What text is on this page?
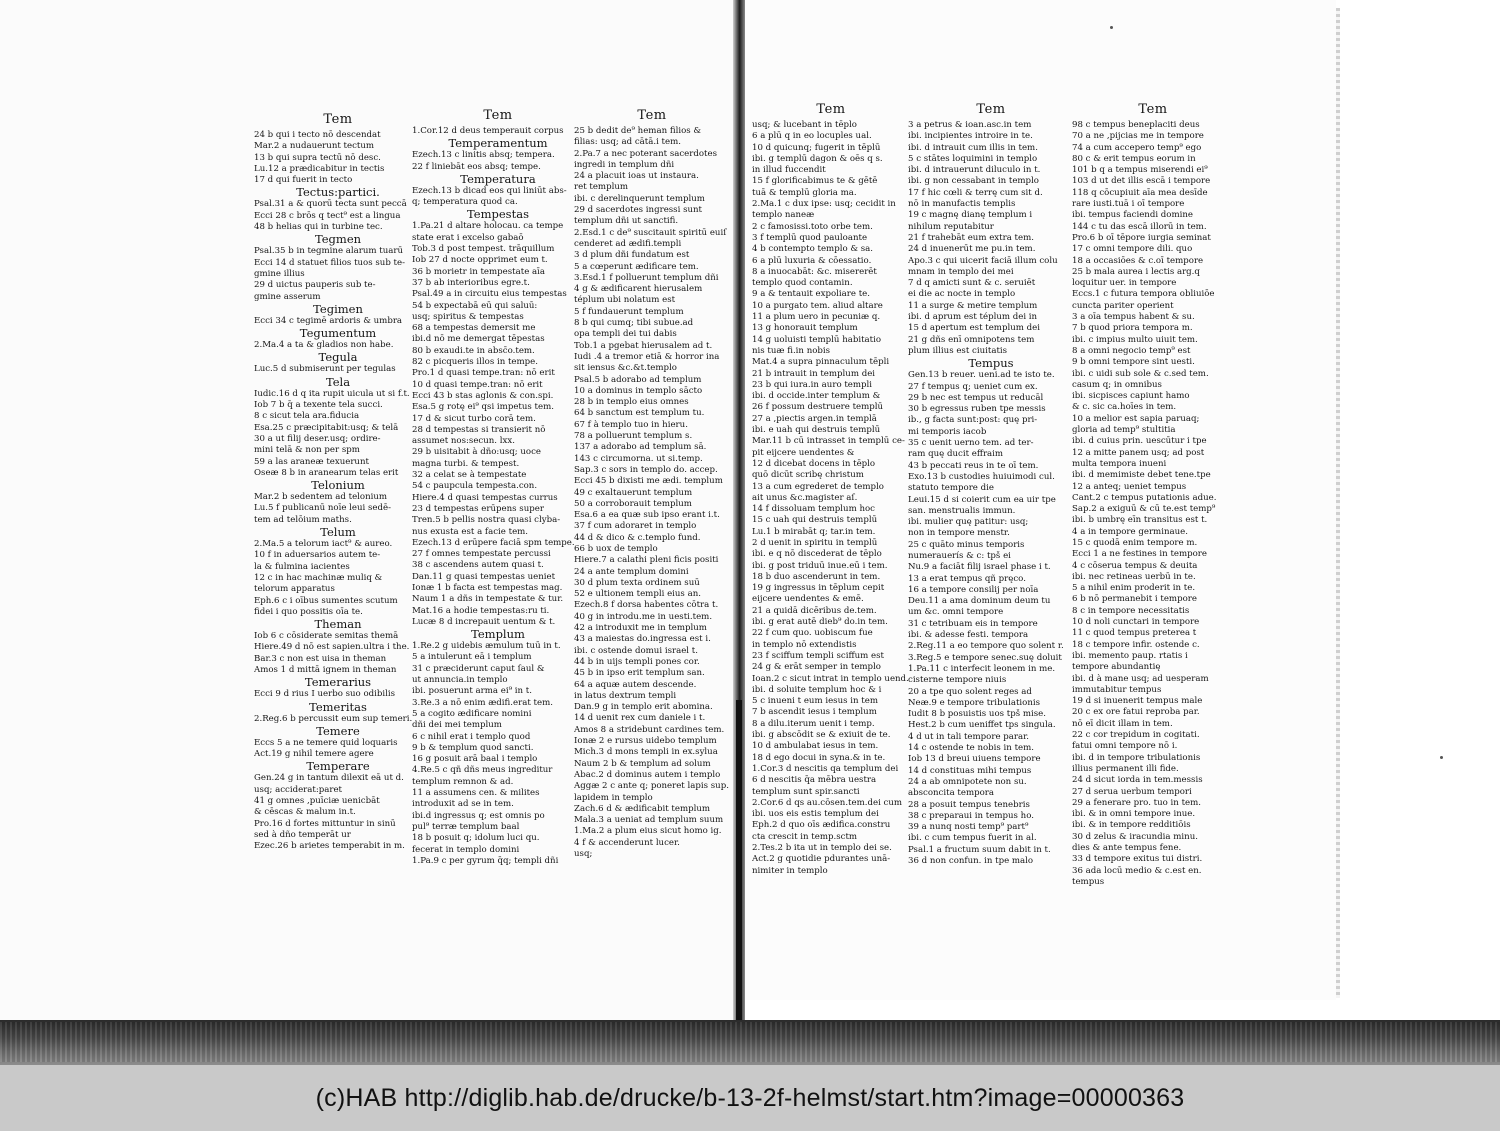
Tem
24 b qui i tecto nō descendat
Mar.2 a nudauerunt tectum
13 b qui supra tectū nō desc.
Lu.12 a prædicabitur in tectis
17 d qui fuerit in tecto
Tectus:partici.
Psal.31 a & quorū tecta sunt peccā
Ecci 28 c brōs q tect⁹ est a lingua
48 b helias qui in turbine tec.
Tegmen
Psal.35 b in tegmine alarum tuarū
Ecci 14 d statuet filios tuos sub te-
gmine illius
29 d uictus pauperis sub te-
gmine asserum
Tegimen
Ecci 34 c tegimē ardoris & umbra
Tegumentum
2.Ma.4 a ta & gladios non habe.
Tegula
Luc.5 d submiserunt per tegulas
Tela
Iudic.16 d q ita rupit uicula ut si f.t.
Iob 7 b q̄ a texente tela succi.
8 c sicut tela ara.fiducia
Esa.25 c præcipitabit:usq; & telā
30 a ut filij deser.usq; ordire-
mini telā & non per spm
59 a las araneæ texuerunt
Oseæ 8 b in aranearum telas erit
Telonium
Mar.2 b sedentem ad telonium
Lu.5 f publicanū noīe leui sedē-
tem ad telōium maths.
Telum
2.Ma.5 a telorum iact⁹ & aureo.
10 f in aduersarios autem te-
la & fulmina iacientes
12 c in hac machinæ muliq &
telorum apparatus
Eph.6 c i oībus sumentes scutum
fidei i quo possitis oīa te.
Theman
Iob 6 c cōsiderate semitas themā
Hiere.49 d nō est sapien.ultra i the.
Bar.3 c non est uisa in theman
Amos 1 d mittā ignem in theman
Temerarius
Ecci 9 d rius I uerbo suo odibilis
Temeritas
2.Reg.6 b percussit eum sup temeri.
Temere
Eccs 5 a ne temere quid loquaris
Act.19 g nihil temere agere
Temperare
Gen.24 g in tantum dilexit eā ut d.
usq; acciderat:paret
41 g omnes ,puīciæ uenicbāt
& cēscas & malum in.t.
Pro.16 d fortes mittuntur in sinū
sed à dño temperāt ur
Ezec.26 b arietes temperabit in m.
Tem
1.Cor.12 d deus temperauit corpus
Temperamentum
Ezech.13 c linitis absq; tempera.
22 f liniebāt eos absq; tempe.
Temperatura
Ezech.13 b dicad eos qui liniūt abs-
q; temperatura quod ca.
Tempestas
1.Pa.21 d altare holocau. ca tempe
state erat i excelso gabaō
Tob.3 d post tempest. trāquillum
Iob 27 d nocte opprimet eum t.
36 b morietr in tempestate aīa
37 b ab interioribus egre.t.
Psal.49 a in circuitu eius tempestas
54 b expectabā eū qui saluū:
usq; spiritus & tempestas
68 a tempestas demersit me
ibi.d nō me demergat tēpestas
80 b exaudi.te in absc̄o.tem.
82 c picqueris illos in tempe.
Pro.1 d quasi tempe.tran: nō erit
10 d quasi tempe.tran: nō erit
Ecci 43 b stas aglonis & con.spi.
Esa.5 g rotę ei⁹ qsi impetus tem.
17 d & sicut turbo corā tem.
28 d tempestas si transierit nō
assumet nos:secun. lxx.
29 b uisitabit à dño:usq; uoce
magna turbi. & tempest.
32 a celat se à tempestate
54 c paupcula tempesta.con.
Hiere.4 d quasi tempestas currus
23 d tempestas erūpens super
Tren.5 b pellis nostra quasi clyba-
nus exusta est a facie tem.
Ezech.13 d erūpere faciā spm tempe.
27 f omnes tempestate percussi
38 c ascendens autem quasi t.
Dan.11 g quasi tempestas ueniet
Ionæ 1 b facta est tempestas mag.
Naum 1 a dñs in tempestate & tur.
Mat.16 a hodie tempestas:ru ti.
Lucæ 8 d increpauit uentum & t.
Templum
1.Re.2 g uidebis æmulum tuū in t.
5 a intulerunt eā i templum
31 c præciderunt caput ſaul &
ut annuncia.in templo
ibi. posuerunt arma ei⁹ in t.
3.Re.3 a nō enim ædifi.erat tem.
5 a cogito ædificare nomini
dñi dei mei templum
6 c nihil erat i templo quod
9 b & templum quod sancti.
16 g posuit arā baal i templo
4.Re.5 c qñ dñs meus ingreditur
templum remnon & ad.
11 a assumens cen. & milites
introduxit ad se in tem.
ibi.d ingressus q; est omnis po
pul⁹ terræ templum baal
18 b posuit q; idolum luci qu.
fecerat in templo domini
1.Pa.9 c per gyrum q̄q; templi dñi
Tem
25 b dedit de⁹ heman filios &
filias: usq; ad cātā.i tem.
2.Pa.7 a nec poterant sacerdotes
ingredi in templum dñi
24 a placuit ioas ut instaura.
ret templum
ibi. c derelinquerunt templum
29 d sacerdotes ingressi sunt
templum dñi ut sanctifi.
2.Esd.1 c de⁹ suscitauit spiritū euiſ
cenderet ad ædifi.templi
3 d plum dñi fundatum est
5 a cœperunt ædificare tem.
3.Esd.1 f polluerunt templum dñi
4 g & ædificarent hierusalem
téplum ubi nolatum est
5 f fundauerunt templum
8 b qui cumq; tibi subue.ad
opa templi dei tui dabis
Tob.1 a pgebat hierusalem ad t.
Iudi .4 a tremor etiā & horror ina
sit iensus &c.&t.templo
Psal.5 b adorabo ad templum
10 a dominus in templo sācto
28 b in templo eius omnes
64 b sanctum est templum tu.
67 f à templo tuo in hieru.
78 a polluerunt templum s.
137 a adorabo ad templum sā.
143 c circumorna. ut si.temp.
Sap.3 c sors in templo do. accep.
Ecci 45 b dixisti me ædi. templum
49 c exaltauerunt templum
50 a corroborauit templum
Esa.6 a ea quæ sub ipso erant i.t.
37 f cum adoraret in templo
44 d & dico & c.templo fund.
66 b uox de templo
Hiere.7 a calathi pleni ficis positi
24 a ante templum domini
30 d plum texta ordinem suū
52 e ultionem templi eius an.
Ezech.8 f dorsa habentes cōtra t.
40 g in introdu.me in uesti.tem.
42 a introduxit me in templum
43 a maiestas do.ingressa est i.
ibi. c ostende domui israel t.
44 b in uijs templi pones cor.
45 b in ipso erit templum san.
64 a aquæ autem descende.
in latus dextrum templi
Dan.9 g in templo erit abomina.
14 d uenit rex cum daniele i t.
Amos 8 a stridebunt cardines tem.
Ionæ 2 e rursus uidebo templum
Mich.3 d mons templi in ex.sylua
Naum 2 b & templum ad solum
Abac.2 d dominus autem i templo
Aggæ 2 c ante q; poneret lapis sup.
lapidem in templo
Zach.6 d & ædificabit templum
Mala.3 a ueniat ad templum suum
1.Ma.2 a plum eius sicut homo ig.
4 f & accenderunt lucer.
usq;
Tem
usq; & lucebant in tēplo
6 a plū q in eo locuples ual.
10 d quicunq; fugerit in tēplū
ibi. g templū dagon & oēs q s.
in illud fuccendit
15 f glorificabimus te & gētē
tuā & templū gloria ma.
2.Ma.1 c dux ipse: usq; cecidit in
templo naneæ
2 c famosissi.toto orbe tem.
3 f templū quod pauloante
4 b contempto templo & sa.
6 a plū luxuria & cōessatio.
8 a inuocabāt: &c. misererēt
templo quod contamin.
9 a & tentauit expoliare te.
10 a purgato tem. aliud altare
11 a plum uero in pecuniæ q.
13 g honorauit templum
14 g uoluisti templū habitatio
nis tuæ fi.in nobis
Mat.4 a supra pinnaculum tēpli
21 b intrauit in templum dei
23 b qui iura.in auro templi
ibi. d occide.inter templum &
26 f possum destruere templū
27 a ,piectis argen.in templā
ibi. e uah qui destruis templū
Mar.11 b cū intrasset in templū ce-
pit eijcere uendentes &
12 d dicebat docens in tēplo
quō dicūt scribę christum
13 a cum egrederet de templo
ait unus &c.magister aſ.
14 f dissoluam templum hoc
15 c uah qui destruis templū
Lu.1 b mirabāt q; tar.in tem.
2 d uenit in spiritu in templū
ibi. e q nō discederat de tēplo
ibi. g post triduū inue.eū i tem.
18 b duo ascenderunt in tem.
19 g ingressus in tēplum cepit
eijcere uendentes & emē.
21 a quidā dicēribus de.tem.
ibi. g erat autē dieb⁹ do.in tem.
22 f cum quo. uobiscum fue
in templo nō extendistis
23 f sciffum templi sciffum est
24 g & erāt semper in templo
Ioan.2 c sicut intrat in templo uend.
ibi. d soluite templum hoc & i
5 c inueni t eum iesus in tem
7 b ascendit iesus i templum
8 a dilu.iterum uenit i temp.
ibi. g abscōdit se & exiuit de te.
10 d ambulabat iesus in tem.
18 d ego docui in syna.& in te.
1.Cor.3 d nescitis qa templum dei
6 d nescitis q̄a mēbra uestra
templum sunt spir.sancti
2.Cor.6 d qs au.cōsen.tem.dei cum
ibi. uos eis estis templum dei
Eph.2 d quo oīs ædifica.constru
cta crescit in temp.sctm
2.Tes.2 b ita ut in templo dei se.
Act.2 g quotidie pdurantes unā-
nimiter in templo
Tem
3 a petrus & ioan.asc.in tem
ibi. incipientes introire in te.
ibi. d intrauit cum illis in tem.
5 c stātes loquimini in templo
ibi. d intrauerunt diluculo in t.
ibi. g non cessabant in templo
17 f hic cœli & terrę cum sit d.
nō in manufactis templis
19 c magnę dianę templum i
nihilum reputabitur
21 f trahebāt eum extra tem.
24 d inuenerūt me pu.in tem.
Apo.3 c qui uicerit faciā illum colu
mnam in templo dei mei
7 d q amicti sunt & c. seruiēt
ei die ac nocte in templo
11 a surge & metire templum
ibi. d aprum est téplum dei in
15 d apertum est templum dei
21 g dñs enī omnipotens tem
plum illius est ciuitatis
Tempus
Gen.13 b reuer. ueni.ad te isto te.
27 f tempus q; ueniet cum ex.
29 b nec est tempus ut reducāl
30 b egressus ruben tpe messis
ib., g facta sunt:post: quę pri-
mi temporis iacob
35 c uenit uerno tem. ad ter-
ram quę ducit effraim
43 b peccati reus in te oī tem.
Exo.13 b custodies huiuimodi cul.
statuto tempore die
Leui.15 d si coierit cum ea uir tpe
san. menstrualis immun.
ibi. mulier quę patitur: usq;
non in tempore menstr.
25 c quāto minus temporis
numerauerís & c: tpš ei
Nu.9 a faciāt filij israel phase i t.
13 a erat tempus qñ pręco.
16 a tempore consilij per noīa
Deu.11 a ama dominum deum tu
um &c. omni tempore
31 c tetribuam eis in tempore
ibi. & adesse festi. tempora
2.Reg.11 a eo tempore quo solent r.
3.Reg.5 e tempore senec.suę doluit
1.Pa.11 c interfecit leonem in me.
cisterne tempore niuis
20 a tpe quo solent reges ad
Neæ.9 e tempore tribulationis
Iudit 8 b posuistis uos tpš mise.
Hest.2 b cum ueniffet tps singula.
4 d ut in tali tempore parar.
14 c ostende te nobis in tem.
Iob 13 d breui uiuens tempore
14 d constituas mihi tempus
24 a ab omnipotete non su.
absconcita tempora
28 a posuit tempus tenebris
38 c preparaui in tempus ho.
39 a nunq nosti temp⁹ part⁹
ibi. c cum tempus fuerit in al.
Psal.1 a fructum suum dabit in t.
36 d non confun. in tpe malo
Tem
98 c tempus beneplaciti deus
70 a ne ,pijcias me in tempore
74 a cum accepero temp⁹ ego
80 c & erit tempus eorum in
101 b q a tempus miserendi ei⁹
103 d ut det illis escā i tempore
118 q cōcupiuit aīa mea desīde
rare iusti.tuā i oī tempore
ibi. tempus faciendi domine
144 c tu das escā illorū in tem.
Pro.6 b oī tēpore iurgia seminat
17 c omni tempore dili. quo
18 a occasiōes & c.oī tempore
25 b mala aurea i lectis arg.q
loquitur uer. in tempore
Eccs.1 c futura tempora obliuiōe
cuncta pariter operient
3 a oīa tempus habent & su.
7 b quod priora tempora m.
ibi. c impius multo uiuit tem.
8 a omni negocio temp⁹ est
9 b omni tempore sint uesti.
ibi. c uidi sub sole & c.sed tem.
casum q; in omnibus
ibi. sicpisces capiunt hamo
& c. sic ca.hoīes in tem.
10 a melior est sapia paruaq;
gloria ad temp⁹ stultitia
ibi. d cuius prin. uescūtur i tpe
12 a mitte panem usq; ad post
multa tempora inueni
ibi. d memimiste debet tene.tpe
12 a anteq; ueniet tempus
Cant.2 c tempus putationis adue.
Sap.2 a exiguū & cū te.est temp⁹
ibi. b umbrę eīn transitus est t.
4 a in tempore germinaue.
15 c quodā enim tempore m.
Ecci 1 a ne festines in tempore
4 c cōserua tempus & deuita
ibi. nec retineas uerbū in te.
5 a nihil enim proderit in te.
6 b nō permanebit i tempore
8 c in tempore necessitatis
10 d noli cunctari in tempore
11 c quod tempus preterea t
18 c tempore infir. ostende c.
ibi. memento paup. rtatis i
tempore abundantię
ibi. d à mane usq; ad uesperam
immutabitur tempus
19 d si inuenerit tempus male
20 c ex ore fatui reproba par.
nō eī dicit illam in tem.
22 c cor trepidum in cogitati.
fatui omni tempore nō i.
ibi. d in tempore tribulationis
illius permanent illi fide.
24 d sicut iorda in tem.messis
27 d serua uerbum tempori
29 a fenerare pro. tuo in tem.
ibi. & in omni tempore inue.
ibi. & in tempore redditiōis
30 d zelus & iracundia minu.
dies & ante tempus fene.
33 d tempore exitus tui distri.
36 ada locū medio & c.est en.
tempus
(c)HAB http://diglib.hab.de/drucke/b-13-2f-helmst/start.htm?image=00000363
